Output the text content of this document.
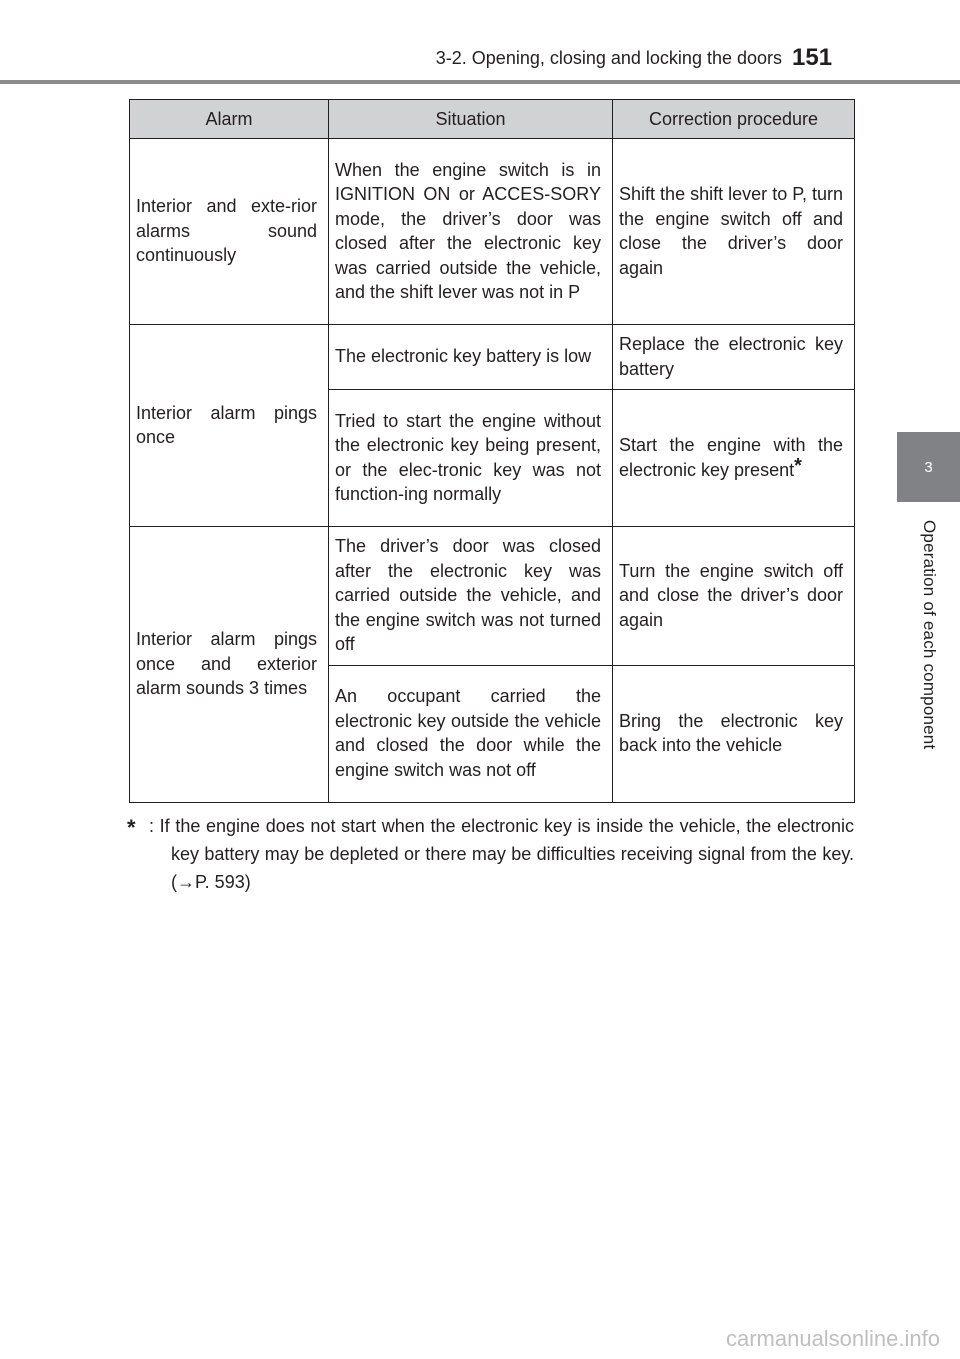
3-2. Opening, closing and locking the doors 151
3
Operation of each component
Alarm	Situation	Correction procedure
Interior and exte-rior alarms sound continuously	When the engine switch is in IGNITION ON or ACCES-SORY mode, the driver’s door was closed after the electronic key was carried outside the vehicle, and the shift lever was not in P	Shift the shift lever to P, turn the engine switch off and close the driver’s door again
Interior alarm pings once	The electronic key battery is low	Replace the electronic key battery
	Tried to start the engine without the electronic key being present, or the elec-tronic key was not function-ing normally	Start the engine with the electronic key present*
Interior alarm pings once and exterior alarm sounds 3 times	The driver’s door was closed after the electronic key was carried outside the vehicle, and the engine switch was not turned off	Turn the engine switch off and close the driver’s door again
	An occupant carried the electronic key outside the vehicle and closed the door while the engine switch was not off	Bring the electronic key back into the vehicle
* : If the engine does not start when the electronic key is inside the vehicle, the electronic key battery may be depleted or there may be difficulties receiving signal from the key. (→P. 593)
carmanualsonline.info
